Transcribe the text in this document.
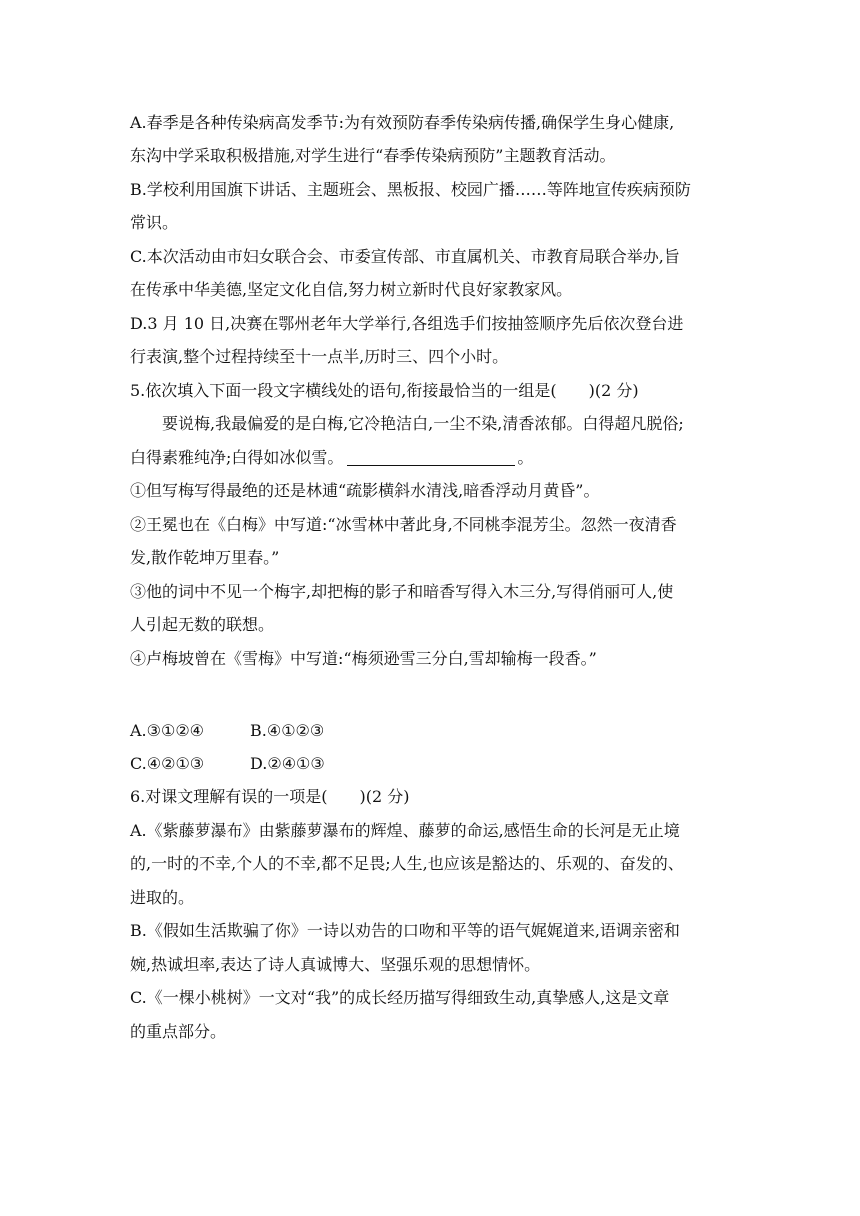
A.春季是各种传染病高发季节:为有效预防春季传染病传播,确保学生身心健康,
东沟中学采取积极措施,对学生进行“春季传染病预防”主题教育活动。
B.学校利用国旗下讲话、主题班会、黑板报、校园广播……等阵地宣传疾病预防
常识。
C.本次活动由市妇女联合会、市委宣传部、市直属机关、市教育局联合举办,旨
在传承中华美德,坚定文化自信,努力树立新时代良好家教家风。
D.3 月 10 日,决赛在鄂州老年大学举行,各组选手们按抽签顺序先后依次登台进
行表演,整个过程持续至十一点半,历时三、四个小时。
5.依次填入下面一段文字横线处的语句,衔接最恰当的一组是(　　)(2 分)
要说梅,我最偏爱的是白梅,它冷艳洁白,一尘不染,清香浓郁。白得超凡脱俗;
白得素雅纯净;白得如冰似雪。	。
①但写梅写得最绝的还是林逋“疏影横斜水清浅,暗香浮动月黄昏”。
②王冕也在《白梅》中写道:“冰雪林中著此身,不同桃李混芳尘。忽然一夜清香
发,散作乾坤万里春。”
③他的词中不见一个梅字,却把梅的影子和暗香写得入木三分,写得俏丽可人,使
人引起无数的联想。
④卢梅坡曾在《雪梅》中写道:“梅须逊雪三分白,雪却输梅一段香。”
A.③①②④	B.④①②③
C.④②①③	D.②④①③
6.对课文理解有误的一项是(　　)(2 分)
A.《紫藤萝瀑布》由紫藤萝瀑布的辉煌、藤萝的命运,感悟生命的长河是无止境
的,一时的不幸,个人的不幸,都不足畏;人生,也应该是豁达的、乐观的、奋发的、
进取的。
B.《假如生活欺骗了你》一诗以劝告的口吻和平等的语气娓娓道来,语调亲密和
婉,热诚坦率,表达了诗人真诚博大、坚强乐观的思想情怀。
C.《一棵小桃树》一文对“我”的成长经历描写得细致生动,真挚感人,这是文章
的重点部分。
